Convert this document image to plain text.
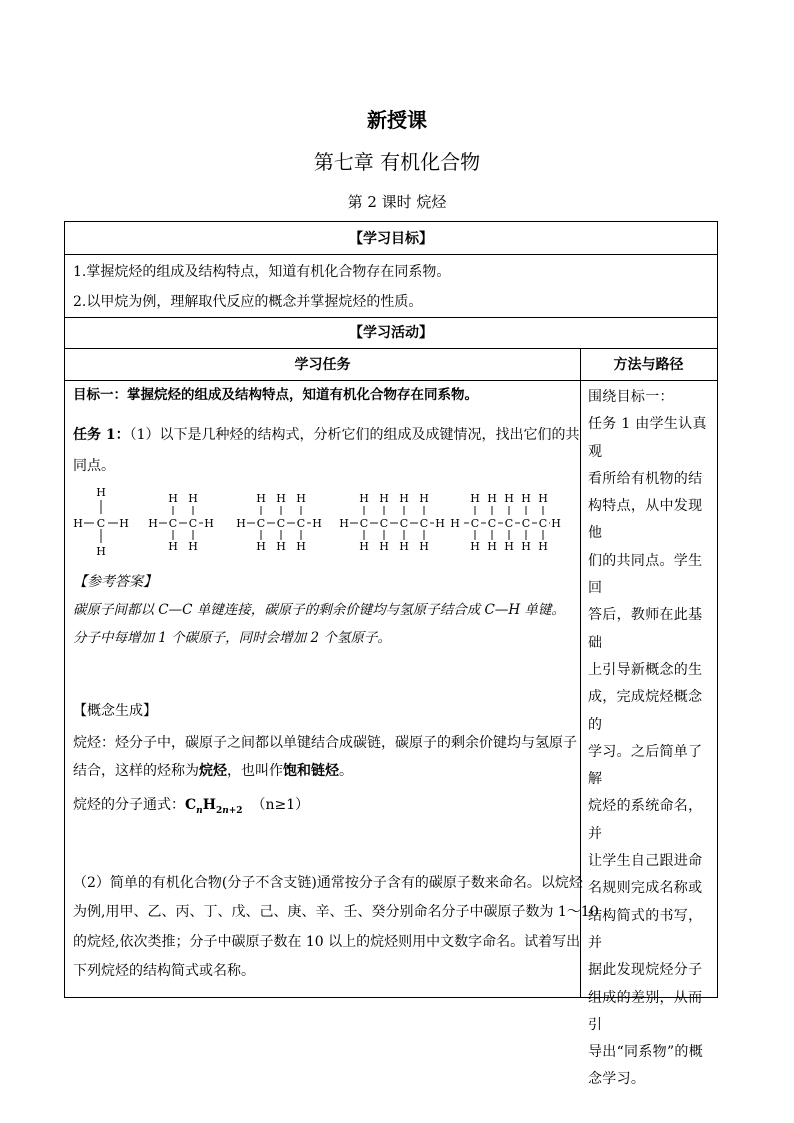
新授课
第七章 有机化合物
第 2 课时 烷烃
【学习目标】
1.掌握烷烃的组成及结构特点，知道有机化合物存在同系物。
2.以甲烷为例，理解取代反应的概念并掌握烷烃的性质。
【学习活动】
学习任务	方法与路径
目标一：掌握烷烃的组成及结构特点，知道有机化合物存在同系物。
任务 1：（1）以下是几种烃的结构式，分析它们的组成及成键情况，找出它们的共
同点。
C
H
H
H	H H C
H
H
C
H
H
H H C
H
H
C
H
H
C
H
H
H H C
H
H
C
H
H
C
H
H
C
H
H
H H C
H
H
C
H
H
C
H
H
C
H
H
C
H
H
H
【参考答案】
碳原子间都以 C—C 单键连接，碳原子的剩余价键均与氢原子结合成 C—H 单键。
分子中每增加 1 个碳原子，同时会增加 2 个氢原子。
【概念生成】
烷烃：烃分子中，碳原子之间都以单键结合成碳链，碳原子的剩余价键均与氢原子
结合，这样的烃称为烷烃，也叫作饱和链烃。
烷烃的分子通式：$C_nH_{2n+2}$ （n≥1）
（2）简单的有机化合物(分子不含支链)通常按分子含有的碳原子数来命名。以烷烃
为例,用甲、乙、丙、丁、戊、己、庚、辛、壬、癸分别命名分子中碳原子数为 1～10
的烷烃,依次类推；分子中碳原子数在 10 以上的烷烃则用中文数字命名。试着写出
下列烷烃的结构简式或名称。
围绕目标一：
任务 1 由学生认真观
看所给有机物的结
构特点，从中发现他
们的共同点。学生回
答后，教师在此基础
上引导新概念的生
成，完成烷烃概念的
学习。之后简单了解
烷烃的系统命名，并
让学生自己跟进命
名规则完成名称或
结构简式的书写，并
据此发现烷烃分子
组成的差别，从而引
导出“同系物”的概
念学习。
